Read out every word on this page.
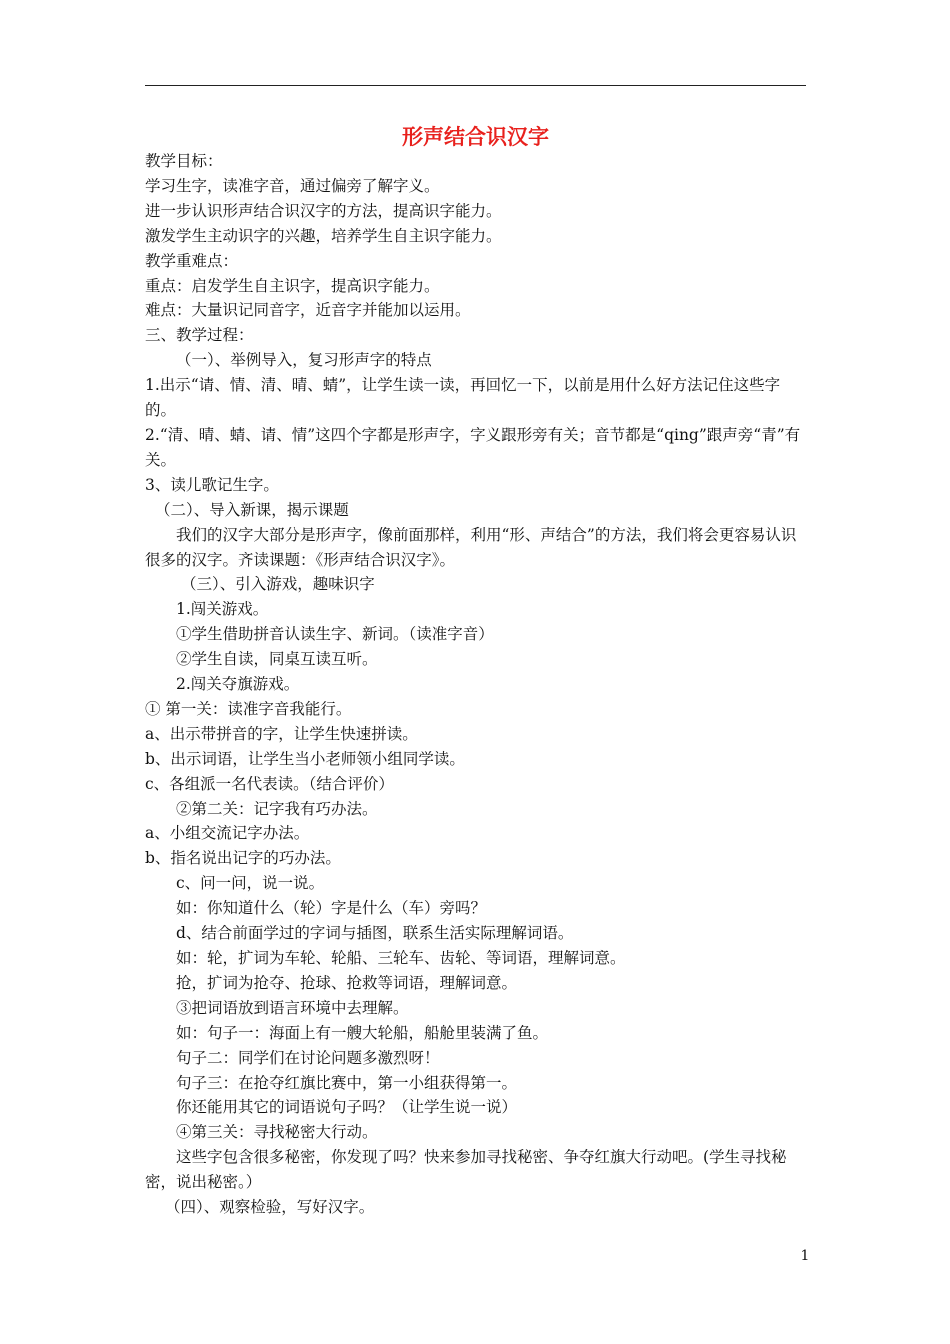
形声结合识汉字

教学目标：

学习生字，读准字音，通过偏旁了解字义。

进一步认识形声结合识汉字的方法，提高识字能力。

激发学生主动识字的兴趣，培养学生自主识字能力。

教学重难点：

重点：启发学生自主识字，提高识字能力。

难点：大量识记同音字，近音字并能加以运用。

三、教学过程：

（一）、举例导入，复习形声字的特点

1.出示“请、情、清、晴、蜻”，让学生读一读，再回忆一下，以前是用什么好方法记住这些字的。

2.“清、晴、蜻、请、情”这四个字都是形声字，字义跟形旁有关；音节都是“qing”跟声旁“青”有关。

3、读儿歌记生字。

（二）、导入新课，揭示课题

我们的汉字大部分是形声字，像前面那样，利用“形、声结合”的方法，我们将会更容易认识很多的汉字。齐读课题：《形声结合识汉字》。

（三）、引入游戏，趣味识字

1.闯关游戏。

①学生借助拼音认读生字、新词。（读准字音）

②学生自读，同桌互读互听。

2.闯关夺旗游戏。

① 第一关：读准字音我能行。

a、出示带拼音的字，让学生快速拼读。

b、出示词语，让学生当小老师领小组同学读。

c、各组派一名代表读。（结合评价）

②第二关：记字我有巧办法。

a、小组交流记字办法。

b、指名说出记字的巧办法。

c、问一问，说一说。

如：你知道什么（轮）字是什么（车）旁吗？

d、结合前面学过的字词与插图，联系生活实际理解词语。

如：轮，扩词为车轮、轮船、三轮车、齿轮、等词语，理解词意。

抢，扩词为抢夺、抢球、抢救等词语，理解词意。

③把词语放到语言环境中去理解。

如：句子一：海面上有一艘大轮船，船舱里装满了鱼。

句子二：同学们在讨论问题多激烈呀！

句子三：在抢夺红旗比赛中，第一小组获得第一。

你还能用其它的词语说句子吗？（让学生说一说）

④第三关：寻找秘密大行动。

这些字包含很多秘密，你发现了吗？快来参加寻找秘密、争夺红旗大行动吧。(学生寻找秘密，说出秘密。）

（四）、观察检验，写好汉字。

1
